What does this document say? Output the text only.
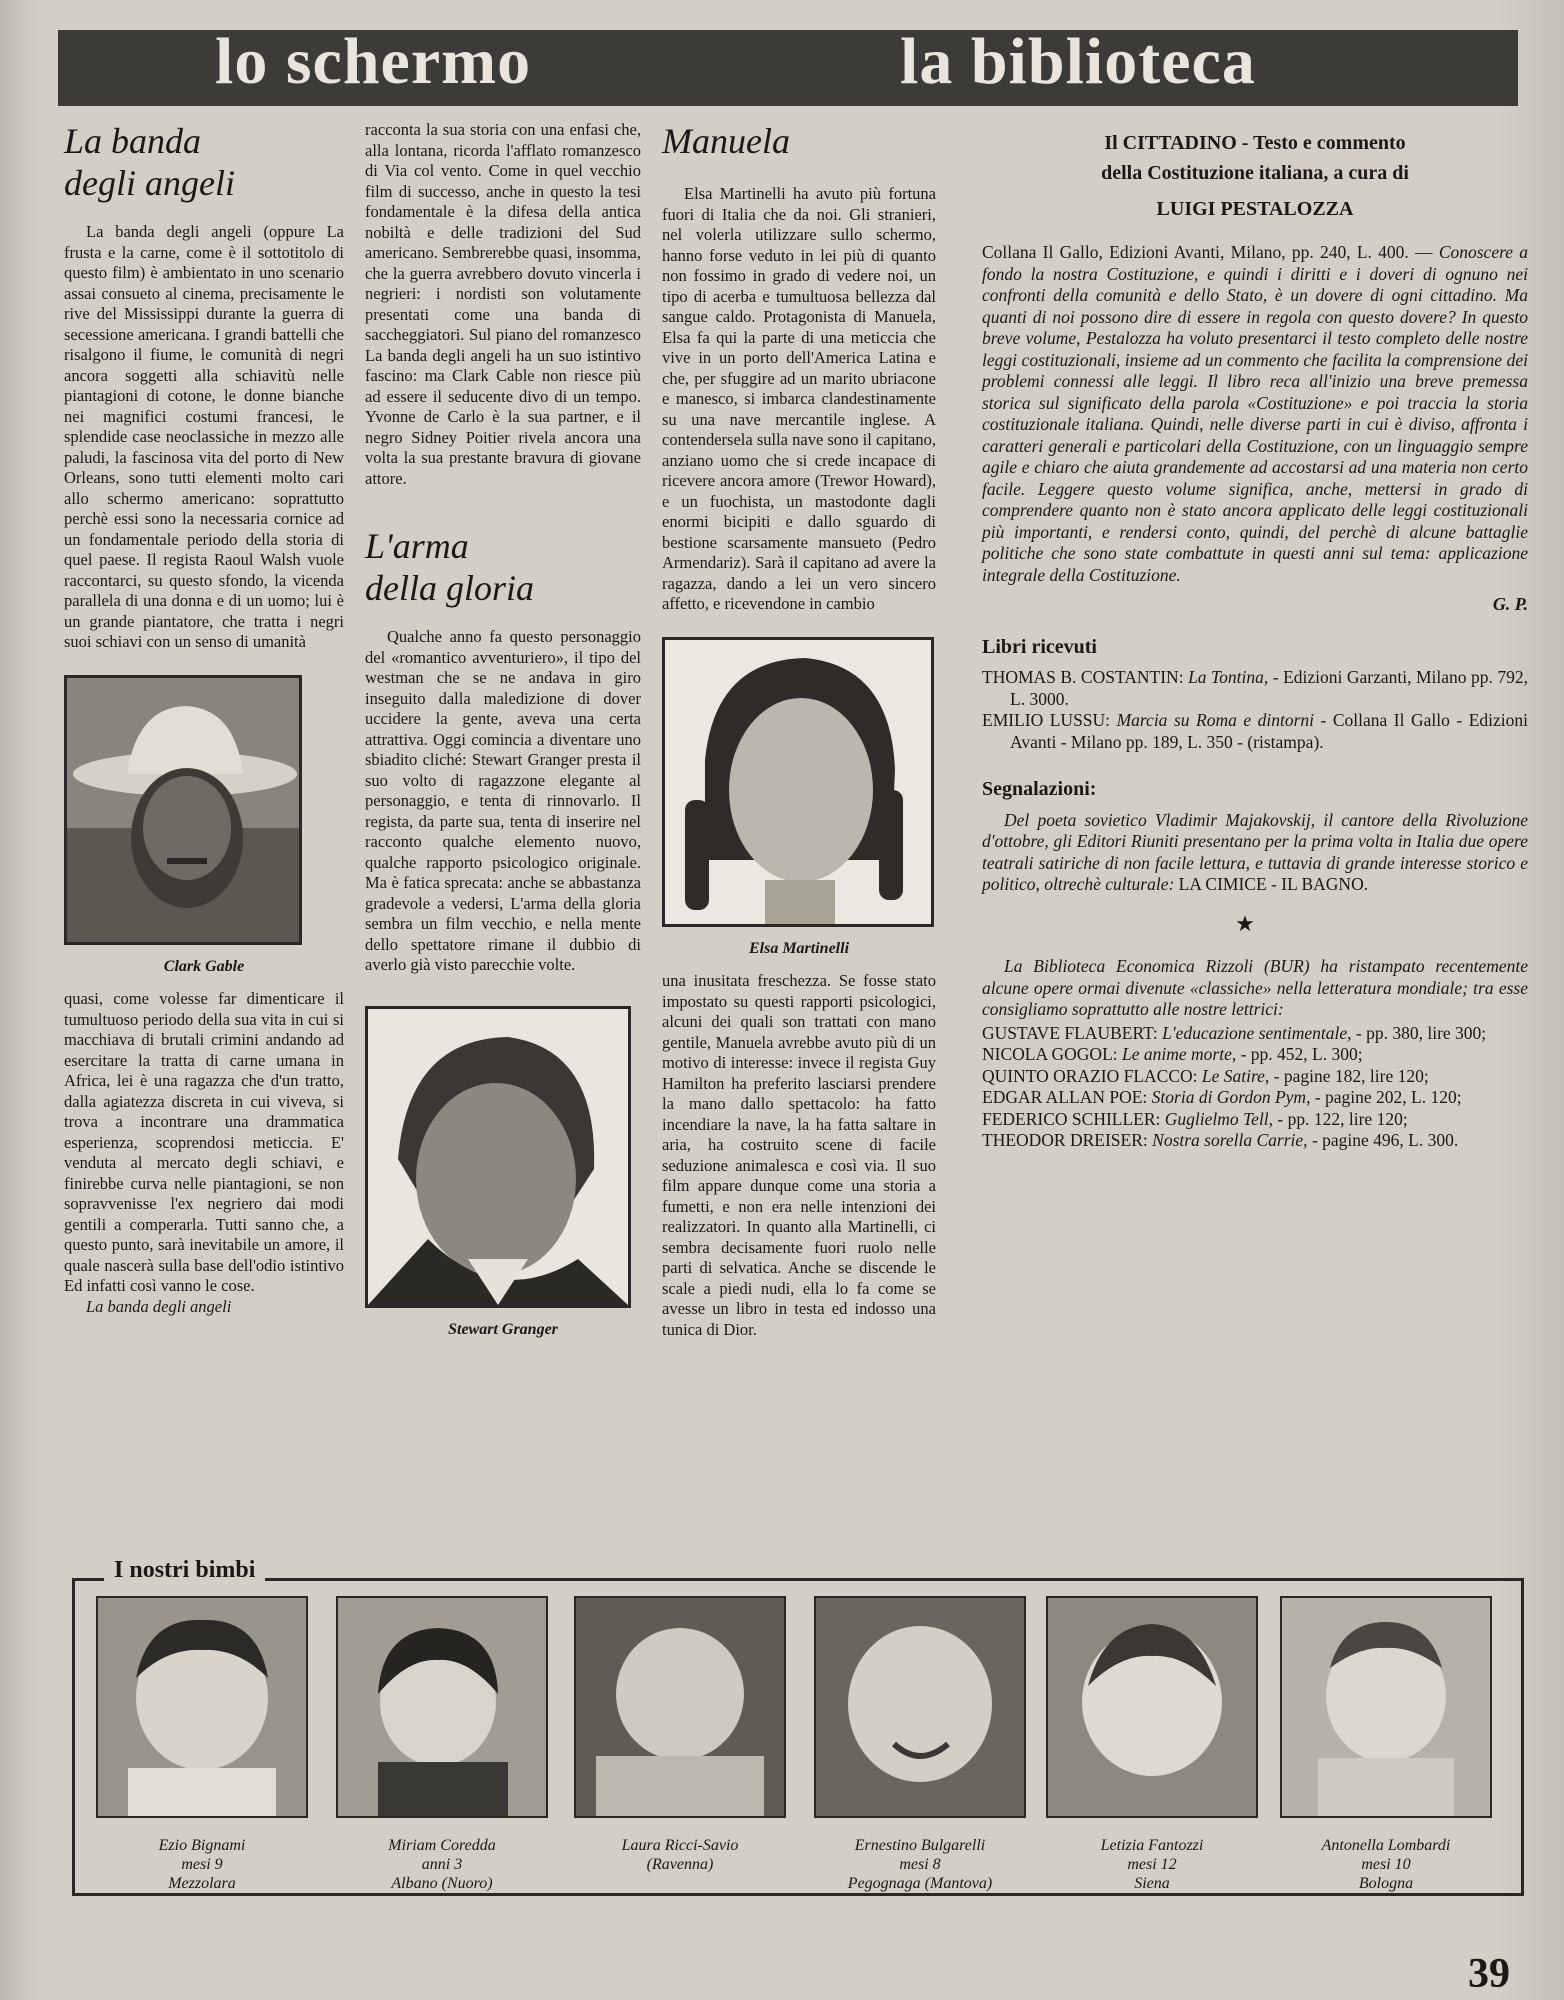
lo schermo	la biblioteca
La banda
degli angeli

La banda degli angeli (oppure La frusta e la carne, come è il sottotitolo di questo film) è ambientato in uno scenario assai consueto al cinema, precisamente le rive del Mississippi durante la guerra di secessione americana. I grandi battelli che risalgono il fiume, le comunità di negri ancora soggetti alla schiavitù nelle piantagioni di cotone, le donne bianche nei magnifici costumi francesi, le splendide case neoclassiche in mezzo alle paludi, la fascinosa vita del porto di New Orleans, sono tutti elementi molto cari allo schermo americano: soprattutto perchè essi sono la necessaria cornice ad un fondamentale periodo della storia di quel paese. Il regista Raoul Walsh vuole raccontarci, su questo sfondo, la vicenda parallela di una donna e di un uomo; lui è un grande piantatore, che tratta i negri suoi schiavi con un senso di umanità

Clark Gable

quasi, come volesse far dimenticare il tumultuoso periodo della sua vita in cui si macchiava di brutali crimini andando ad esercitare la tratta di carne umana in Africa, lei è una ragazza che d'un tratto, dalla agiatezza discreta in cui viveva, si trova a incontrare una drammatica esperienza, scoprendosi meticcia. E' venduta al mercato degli schiavi, e finirebbe curva nelle piantagioni, se non sopravvenisse l'ex negriero dai modi gentili a comperarla. Tutti sanno che, a questo punto, sarà inevitabile un amore, il quale nascerà sulla base dell'odio istintivo Ed infatti così vanno le cose.

La banda degli angeli

racconta la sua storia con una enfasi che, alla lontana, ricorda l'afflato romanzesco di Via col vento. Come in quel vecchio film di successo, anche in questo la tesi fondamentale è la difesa della antica nobiltà e delle tradizioni del Sud americano. Sembrerebbe quasi, insomma, che la guerra avrebbero dovuto vincerla i negrieri: i nordisti son volutamente presentati come una banda di saccheggiatori. Sul piano del romanzesco La banda degli angeli ha un suo istintivo fascino: ma Clark Cable non riesce più ad essere il seducente divo di un tempo. Yvonne de Carlo è la sua partner, e il negro Sidney Poitier rivela ancora una volta la sua prestante bravura di giovane attore.

L'arma
della gloria

Qualche anno fa questo personaggio del «romantico avventuriero», il tipo del westman che se ne andava in giro inseguito dalla maledizione di dover uccidere la gente, aveva una certa attrattiva. Oggi comincia a diventare uno sbiadito cliché: Stewart Granger presta il suo volto di ragazzone elegante al personaggio, e tenta di rinnovarlo. Il regista, da parte sua, tenta di inserire nel racconto qualche elemento nuovo, qualche rapporto psicologico originale. Ma è fatica sprecata: anche se abbastanza gradevole a vedersi, L'arma della gloria sembra un film vecchio, e nella mente dello spettatore rimane il dubbio di averlo già visto parecchie volte.

Stewart Granger
Manuela

Elsa Martinelli ha avuto più fortuna fuori di Italia che da noi. Gli stranieri, nel volerla utilizzare sullo schermo, hanno forse veduto in lei più di quanto non fossimo in grado di vedere noi, un tipo di acerba e tumultuosa bellezza dal sangue caldo. Protagonista di Manuela, Elsa fa qui la parte di una meticcia che vive in un porto dell'America Latina e che, per sfuggire ad un marito ubriacone e manesco, si imbarca clandestinamente su una nave mercantile inglese. A contendersela sulla nave sono il capitano, anziano uomo che si crede incapace di ricevere ancora amore (Trewor Howard), e un fuochista, un mastodonte dagli enormi bicipiti e dallo sguardo di bestione scarsamente mansueto (Pedro Armendariz). Sarà il capitano ad avere la ragazza, dando a lei un vero sincero affetto, e ricevendone in cambio

Elsa Martinelli

una inusitata freschezza. Se fosse stato impostato su questi rapporti psicologici, alcuni dei quali son trattati con mano gentile, Manuela avrebbe avuto più di un motivo di interesse: invece il regista Guy Hamilton ha preferito lasciarsi prendere la mano dallo spettacolo: ha fatto incendiare la nave, la ha fatta saltare in aria, ha costruito scene di facile seduzione animalesca e così via. Il suo film appare dunque come una storia a fumetti, e non era nelle intenzioni dei realizzatori. In quanto alla Martinelli, ci sembra decisamente fuori ruolo nelle parti di selvatica. Anche se discende le scale a piedi nudi, ella lo fa come se avesse un libro in testa ed indosso una tunica di Dior.

Il CITTADINO - Testo e commento
della Costituzione italiana, a cura di
LUIGI PESTALOZZA

Collana Il Gallo, Edizioni Avanti, Milano, pp. 240, L. 400. — Conoscere a fondo la nostra Costituzione, e quindi i diritti e i doveri di ognuno nei confronti della comunità e dello Stato, è un dovere di ogni cittadino. Ma quanti di noi possono dire di essere in regola con questo dovere? In questo breve volume, Pestalozza ha voluto presentarci il testo completo delle nostre leggi costituzionali, insieme ad un commento che facilita la comprensione dei problemi connessi alle leggi. Il libro reca all'inizio una breve premessa storica sul significato della parola «Costituzione» e poi traccia la storia costituzionale italiana. Quindi, nelle diverse parti in cui è diviso, affronta i caratteri generali e particolari della Costituzione, con un linguaggio sempre agile e chiaro che aiuta grandemente ad accostarsi ad una materia non certo facile. Leggere questo volume significa, anche, mettersi in grado di comprendere quanto non è stato ancora applicato delle leggi costituzionali più importanti, e rendersi conto, quindi, del perchè di alcune battaglie politiche che sono state combattute in questi anni sul tema: applicazione integrale della Costituzione.

G. P.
Libri ricevuti
THOMAS B. COSTANTIN: La Tontina, - Edizioni Garzanti, Milano pp. 792, L. 3000.
EMILIO LUSSU: Marcia su Roma e dintorni - Collana Il Gallo - Edizioni Avanti - Milano pp. 189, L. 350 - (ristampa).
Segnalazioni:

Del poeta sovietico Vladimir Majakovskij, il cantore della Rivoluzione d'ottobre, gli Editori Riuniti presentano per la prima volta in Italia due opere teatrali satiriche di non facile lettura, e tuttavia di grande interesse storico e politico, oltrechè culturale: LA CIMICE - IL BAGNO.

★

La Biblioteca Economica Rizzoli (BUR) ha ristampato recentemente alcune opere ormai divenute «classiche» nella letteratura mondiale; tra esse consigliamo soprattutto alle nostre lettrici:

GUSTAVE FLAUBERT: L'educazione sentimentale, - pp. 380, lire 300;
NICOLA GOGOL: Le anime morte, - pp. 452, L. 300;
QUINTO ORAZIO FLACCO: Le Satire, - pagine 182, lire 120;
EDGAR ALLAN POE: Storia di Gordon Pym, - pagine 202, L. 120;
FEDERICO SCHILLER: Guglielmo Tell, - pp. 122, lire 120;
THEODOR DREISER: Nostra sorella Carrie, - pagine 496, L. 300.
I nostri bimbi
Ezio Bignami
mesi 9
Mezzolara
Miriam Coredda
anni 3
Albano (Nuoro)
Laura Ricci-Savio
(Ravenna)

Ernestino Bulgarelli
mesi 8
Pegognaga (Mantova)
Letizia Fantozzi
mesi 12
Siena
Antonella Lombardi
mesi 10
Bologna
39
